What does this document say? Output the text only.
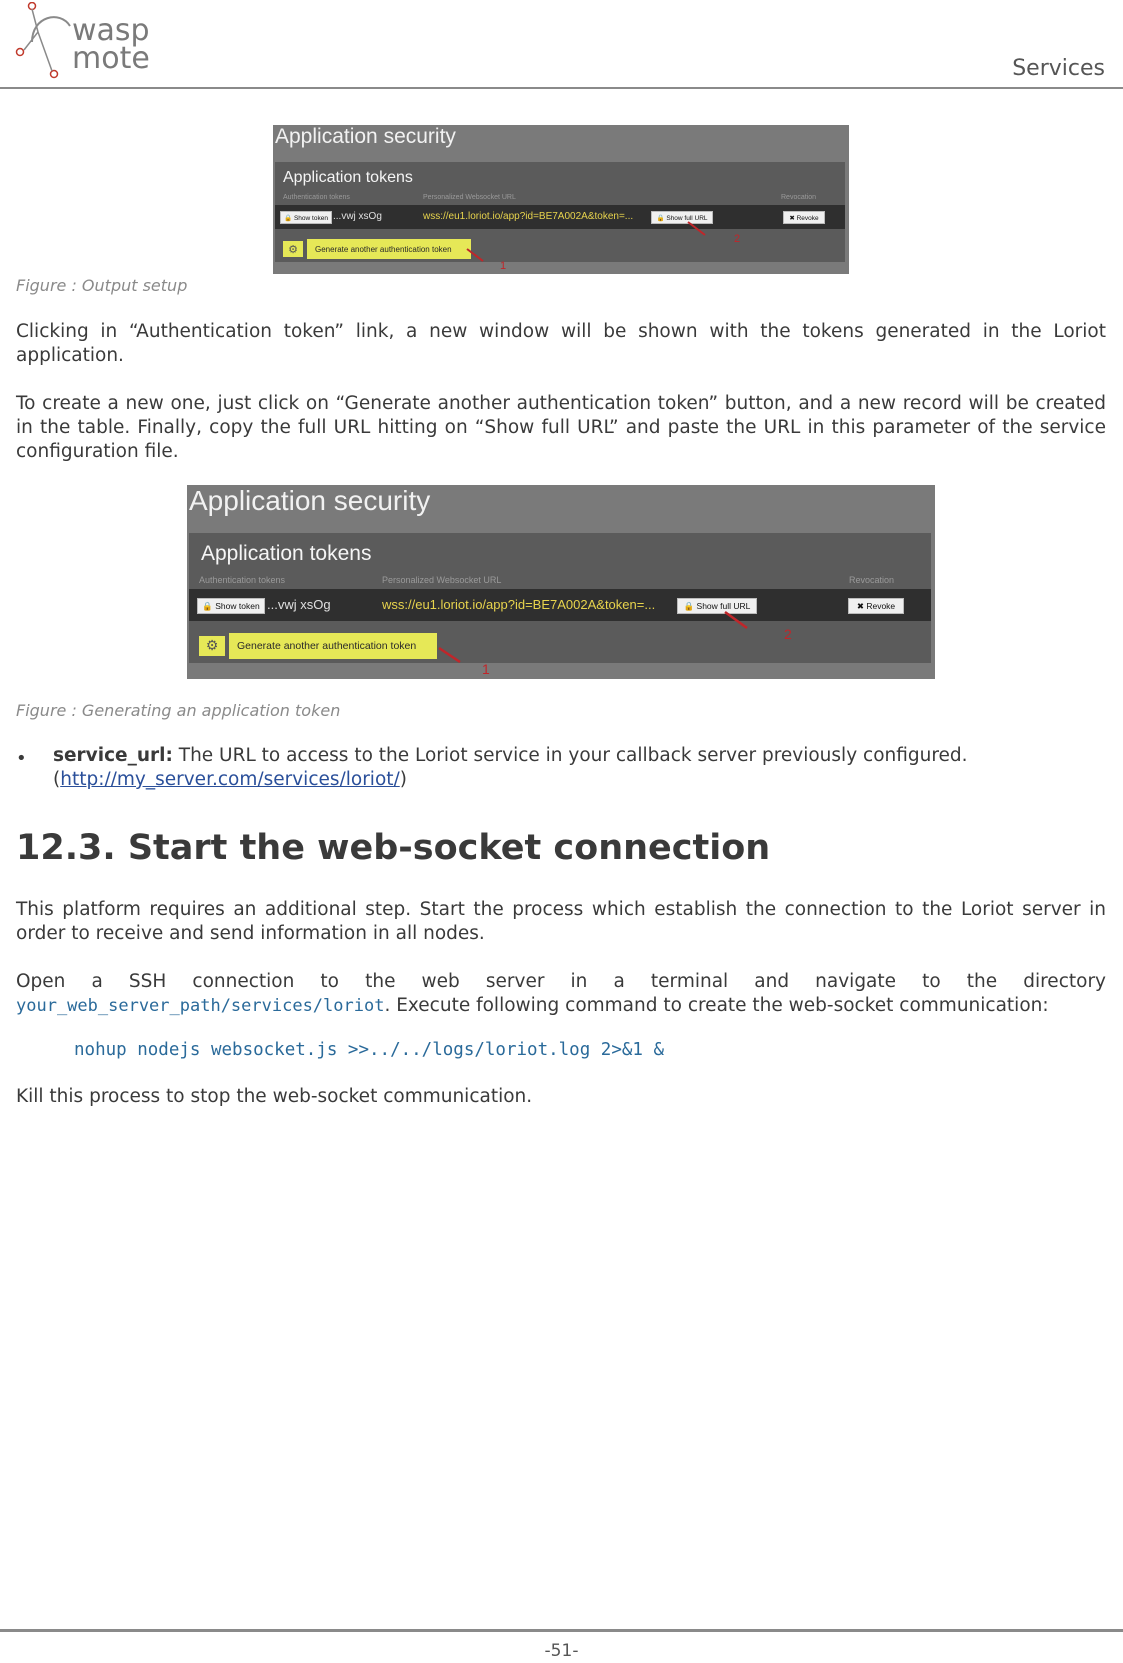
wasp
mote	Services
Application security
Application tokens
Authentication tokens	Personalized Websocket URL	Revocation
🔒 Show token ...vwj xsOg	wss://eu1.loriot.io/app?id=BE7A002A&token=...	🔒 Show full URL	✖ Revoke
⚙	Generate another authentication token
1
2
Figure : Output setup
Clicking in “Authentication token” link, a new window will be shown with the tokens generated in the Loriot application.
To create a new one, just click on “Generate another authentication token” button, and a new record will be created in the table. Finally, copy the full URL hitting on “Show full URL” and paste the URL in this parameter of the service configuration file.
Application security
Application tokens
Authentication tokens	Personalized Websocket URL	Revocation
🔒 Show token ...vwj xsOg	wss://eu1.loriot.io/app?id=BE7A002A&token=...	🔒 Show full URL	✖ Revoke
⚙	Generate another authentication token
1
2
Figure : Generating an application token
• service_url: The URL to access to the Loriot service in your callback server previously configured.
(http://my_server.com/services/loriot/)
12.3. Start the web-socket connection
This platform requires an additional step. Start the process which establish the connection to the Loriot server in order to receive and send information in all nodes.
Open a SSH connection to the web server in a terminal and navigate to the directory your_web_server_path/services/loriot. Execute following command to create the web-socket communication:
nohup nodejs websocket.js >>../../logs/loriot.log 2>&1 &
Kill this process to stop the web-socket communication.
-51-
